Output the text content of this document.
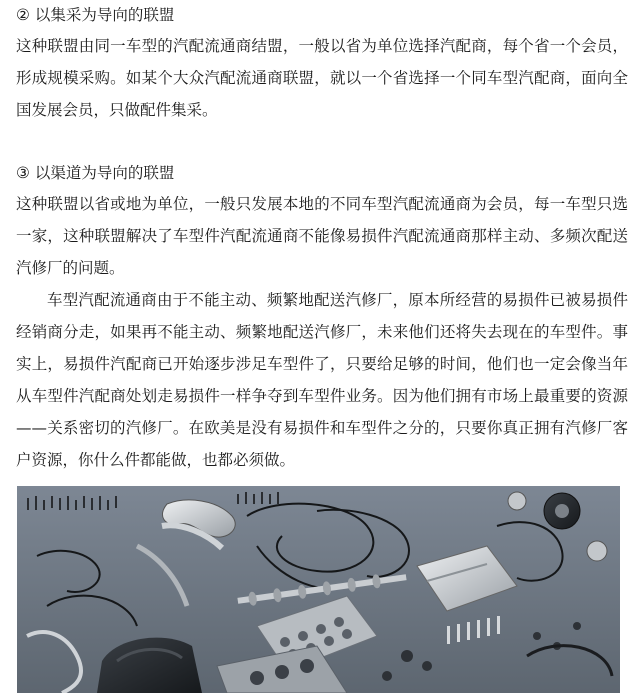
② 以集采为导向的联盟

这种联盟由同一车型的汽配流通商结盟，一般以省为单位选择汽配商，每个省一个会员，形成规模采购。如某个大众汽配流通商联盟，就以一个省选择一个同车型汽配商，面向全国发展会员，只做配件集采。

③ 以渠道为导向的联盟

这种联盟以省或地为单位，一般只发展本地的不同车型汽配流通商为会员，每一车型只选一家，这种联盟解决了车型件汽配流通商不能像易损件汽配流通商那样主动、多频次配送汽修厂的问题。

车型汽配流通商由于不能主动、频繁地配送汽修厂，原本所经营的易损件已被易损件经销商分走，如果再不能主动、频繁地配送汽修厂，未来他们还将失去现在的车型件。事实上，易损件汽配商已开始逐步涉足车型件了，只要给足够的时间，他们也一定会像当年从车型件汽配商处划走易损件一样争夺到车型件业务。因为他们拥有市场上最重要的资源——关系密切的汽修厂。在欧美是没有易损件和车型件之分的，只要你真正拥有汽修厂客户资源，你什么件都能做，也都必须做。
